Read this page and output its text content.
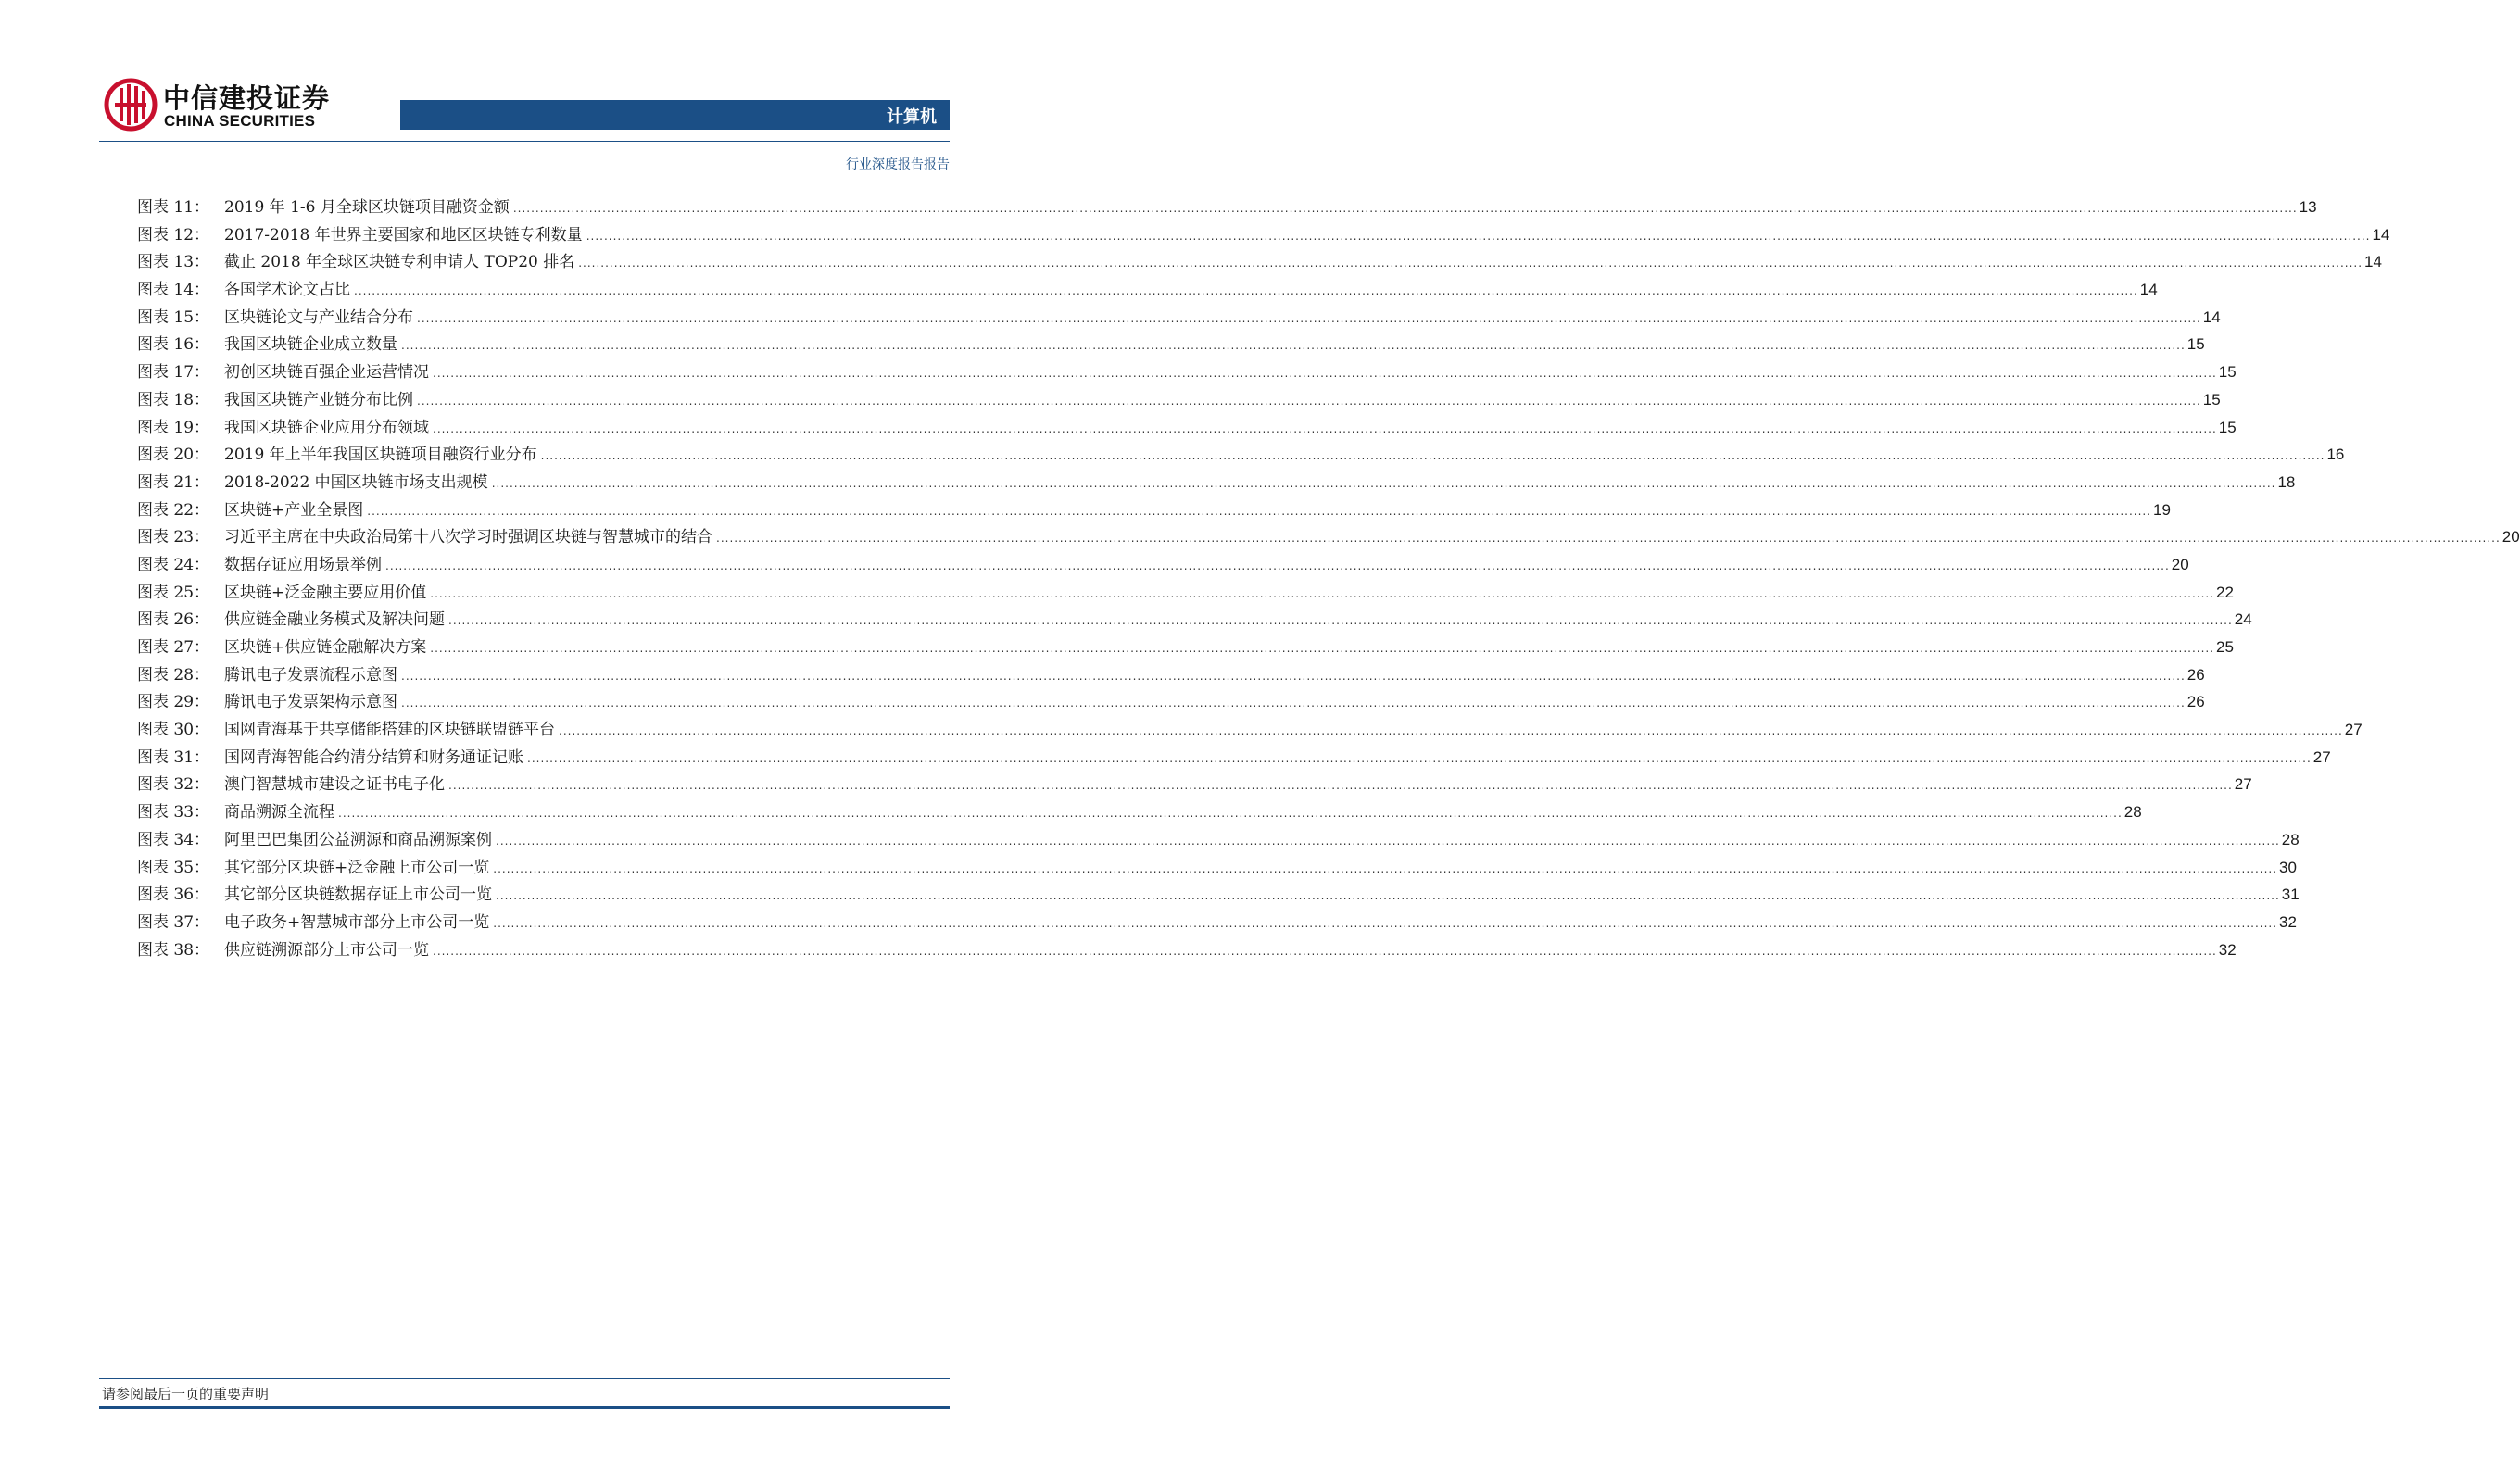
中信建投证券
CHINA SECURITIES	计算机
行业深度报告报告
图表 11： 2019 年 1-6 月全球区块链项目融资金额 ................................................................................................................................................................................................................................................................................................................................................................................................................ 13
图表 12： 2017-2018 年世界主要国家和地区区块链专利数量 ................................................................................................................................................................................................................................................................................................................................................................................................................ 14
图表 13： 截止 2018 年全球区块链专利申请人 TOP20 排名 ................................................................................................................................................................................................................................................................................................................................................................................................................ 14
图表 14： 各国学术论文占比 ................................................................................................................................................................................................................................................................................................................................................................................................................ 14
图表 15： 区块链论文与产业结合分布 ................................................................................................................................................................................................................................................................................................................................................................................................................ 14
图表 16： 我国区块链企业成立数量 ................................................................................................................................................................................................................................................................................................................................................................................................................ 15
图表 17： 初创区块链百强企业运营情况 ................................................................................................................................................................................................................................................................................................................................................................................................................ 15
图表 18： 我国区块链产业链分布比例 ................................................................................................................................................................................................................................................................................................................................................................................................................ 15
图表 19： 我国区块链企业应用分布领域 ................................................................................................................................................................................................................................................................................................................................................................................................................ 15
图表 20： 2019 年上半年我国区块链项目融资行业分布 ................................................................................................................................................................................................................................................................................................................................................................................................................ 16
图表 21： 2018-2022 中国区块链市场支出规模 ................................................................................................................................................................................................................................................................................................................................................................................................................ 18
图表 22： 区块链+产业全景图 ................................................................................................................................................................................................................................................................................................................................................................................................................ 19
图表 23： 习近平主席在中央政治局第十八次学习时强调区块链与智慧城市的结合 ................................................................................................................................................................................................................................................................................................................................................................................................................ 20
图表 24： 数据存证应用场景举例 ................................................................................................................................................................................................................................................................................................................................................................................................................ 20
图表 25： 区块链+泛金融主要应用价值 ................................................................................................................................................................................................................................................................................................................................................................................................................ 22
图表 26： 供应链金融业务模式及解决问题 ................................................................................................................................................................................................................................................................................................................................................................................................................ 24
图表 27： 区块链+供应链金融解决方案 ................................................................................................................................................................................................................................................................................................................................................................................................................ 25
图表 28： 腾讯电子发票流程示意图 ................................................................................................................................................................................................................................................................................................................................................................................................................ 26
图表 29： 腾讯电子发票架构示意图 ................................................................................................................................................................................................................................................................................................................................................................................................................ 26
图表 30： 国网青海基于共享储能搭建的区块链联盟链平台 ................................................................................................................................................................................................................................................................................................................................................................................................................ 27
图表 31： 国网青海智能合约清分结算和财务通证记账 ................................................................................................................................................................................................................................................................................................................................................................................................................ 27
图表 32： 澳门智慧城市建设之证书电子化 ................................................................................................................................................................................................................................................................................................................................................................................................................ 27
图表 33： 商品溯源全流程 ................................................................................................................................................................................................................................................................................................................................................................................................................ 28
图表 34： 阿里巴巴集团公益溯源和商品溯源案例 ................................................................................................................................................................................................................................................................................................................................................................................................................ 28
图表 35： 其它部分区块链+泛金融上市公司一览 ................................................................................................................................................................................................................................................................................................................................................................................................................ 30
图表 36： 其它部分区块链数据存证上市公司一览 ................................................................................................................................................................................................................................................................................................................................................................................................................ 31
图表 37： 电子政务+智慧城市部分上市公司一览 ................................................................................................................................................................................................................................................................................................................................................................................................................ 32
图表 38： 供应链溯源部分上市公司一览 ................................................................................................................................................................................................................................................................................................................................................................................................................ 32
请参阅最后一页的重要声明
